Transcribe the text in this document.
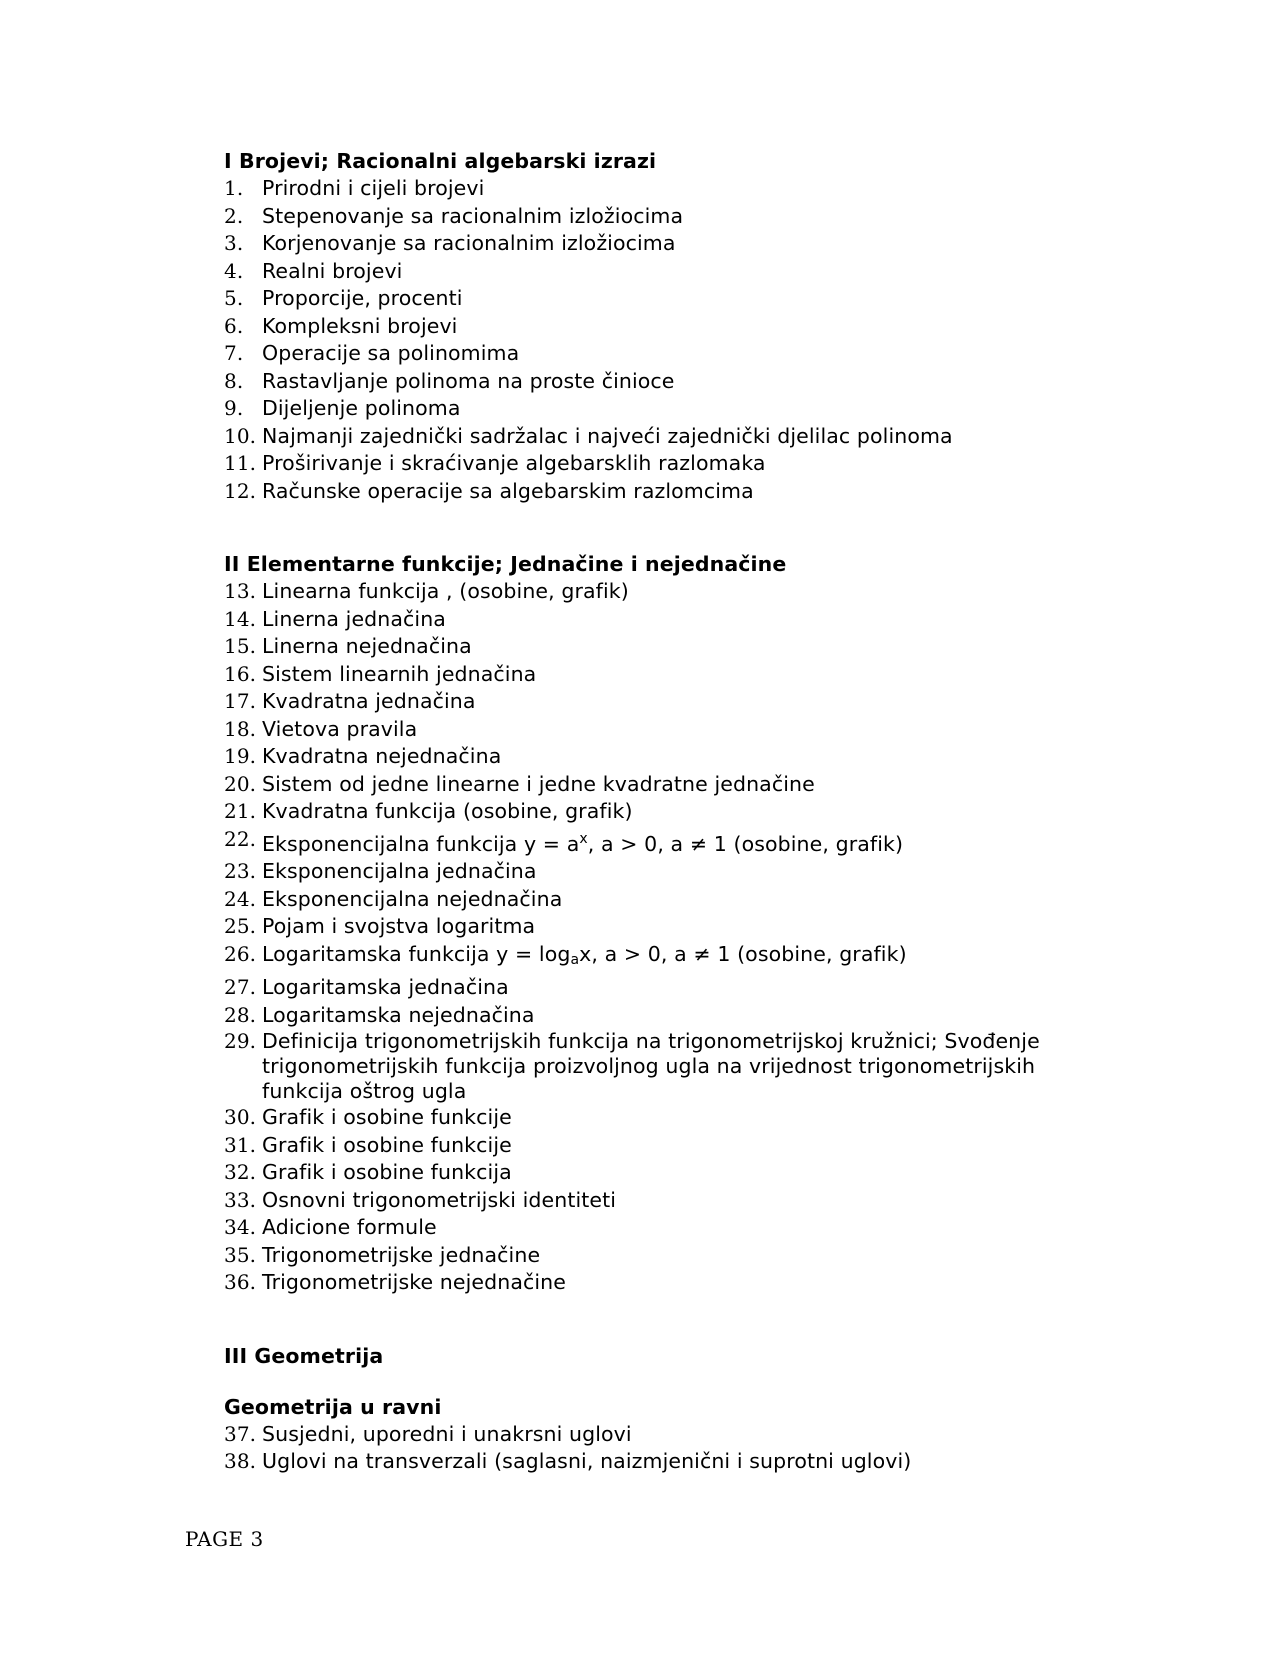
I Brojevi; Racionalni algebarski izrazi
1. Prirodni i cijeli brojevi
2. Stepenovanje sa racionalnim izložiocima
3. Korjenovanje sa racionalnim izložiocima
4. Realni brojevi
5. Proporcije, procenti
6. Kompleksni brojevi
7. Operacije sa polinomima
8. Rastavljanje polinoma na proste činioce
9. Dijeljenje polinoma
10. Najmanji zajednički sadržalac i najveći zajednički djelilac polinoma
11. Proširivanje i skraćivanje algebarsklih razlomaka
12. Računske operacije sa algebarskim razlomcima
II Elementarne funkcije; Jednačine i nejednačine
13. Linearna funkcija , (osobine, grafik)
14. Linerna jednačina
15. Linerna nejednačina
16. Sistem linearnih jednačina
17. Kvadratna jednačina
18. Vietova pravila
19. Kvadratna nejednačina
20. Sistem od jedne linearne i jedne kvadratne jednačine
21. Kvadratna funkcija (osobine, grafik)
22. Eksponencijalna funkcija $y = a^x$, a > 0, a ≠ 1 (osobine, grafik)
23. Eksponencijalna jednačina
24. Eksponencijalna nejednačina
25. Pojam i svojstva logaritma
26. Logaritamska funkcija $y = \log_ax$, a > 0, a ≠ 1 (osobine, grafik)
27. Logaritamska jednačina
28. Logaritamska nejednačina
29. Definicija trigonometrijskih funkcija na trigonometrijskoj kružnici; Svođenje trigonometrijskih funkcija proizvoljnog ugla na vrijednost trigonometrijskih funkcija oštrog ugla
30. Grafik i osobine funkcije
31. Grafik i osobine funkcije
32. Grafik i osobine funkcija
33. Osnovni trigonometrijski identiteti
34. Adicione formule
35. Trigonometrijske jednačine
36. Trigonometrijske nejednačine
III Geometrija
Geometrija u ravni
37. Susjedni, uporedni i unakrsni uglovi
38. Uglovi na transverzali (saglasni, naizmjenični i suprotni uglovi)
PAGE 3
